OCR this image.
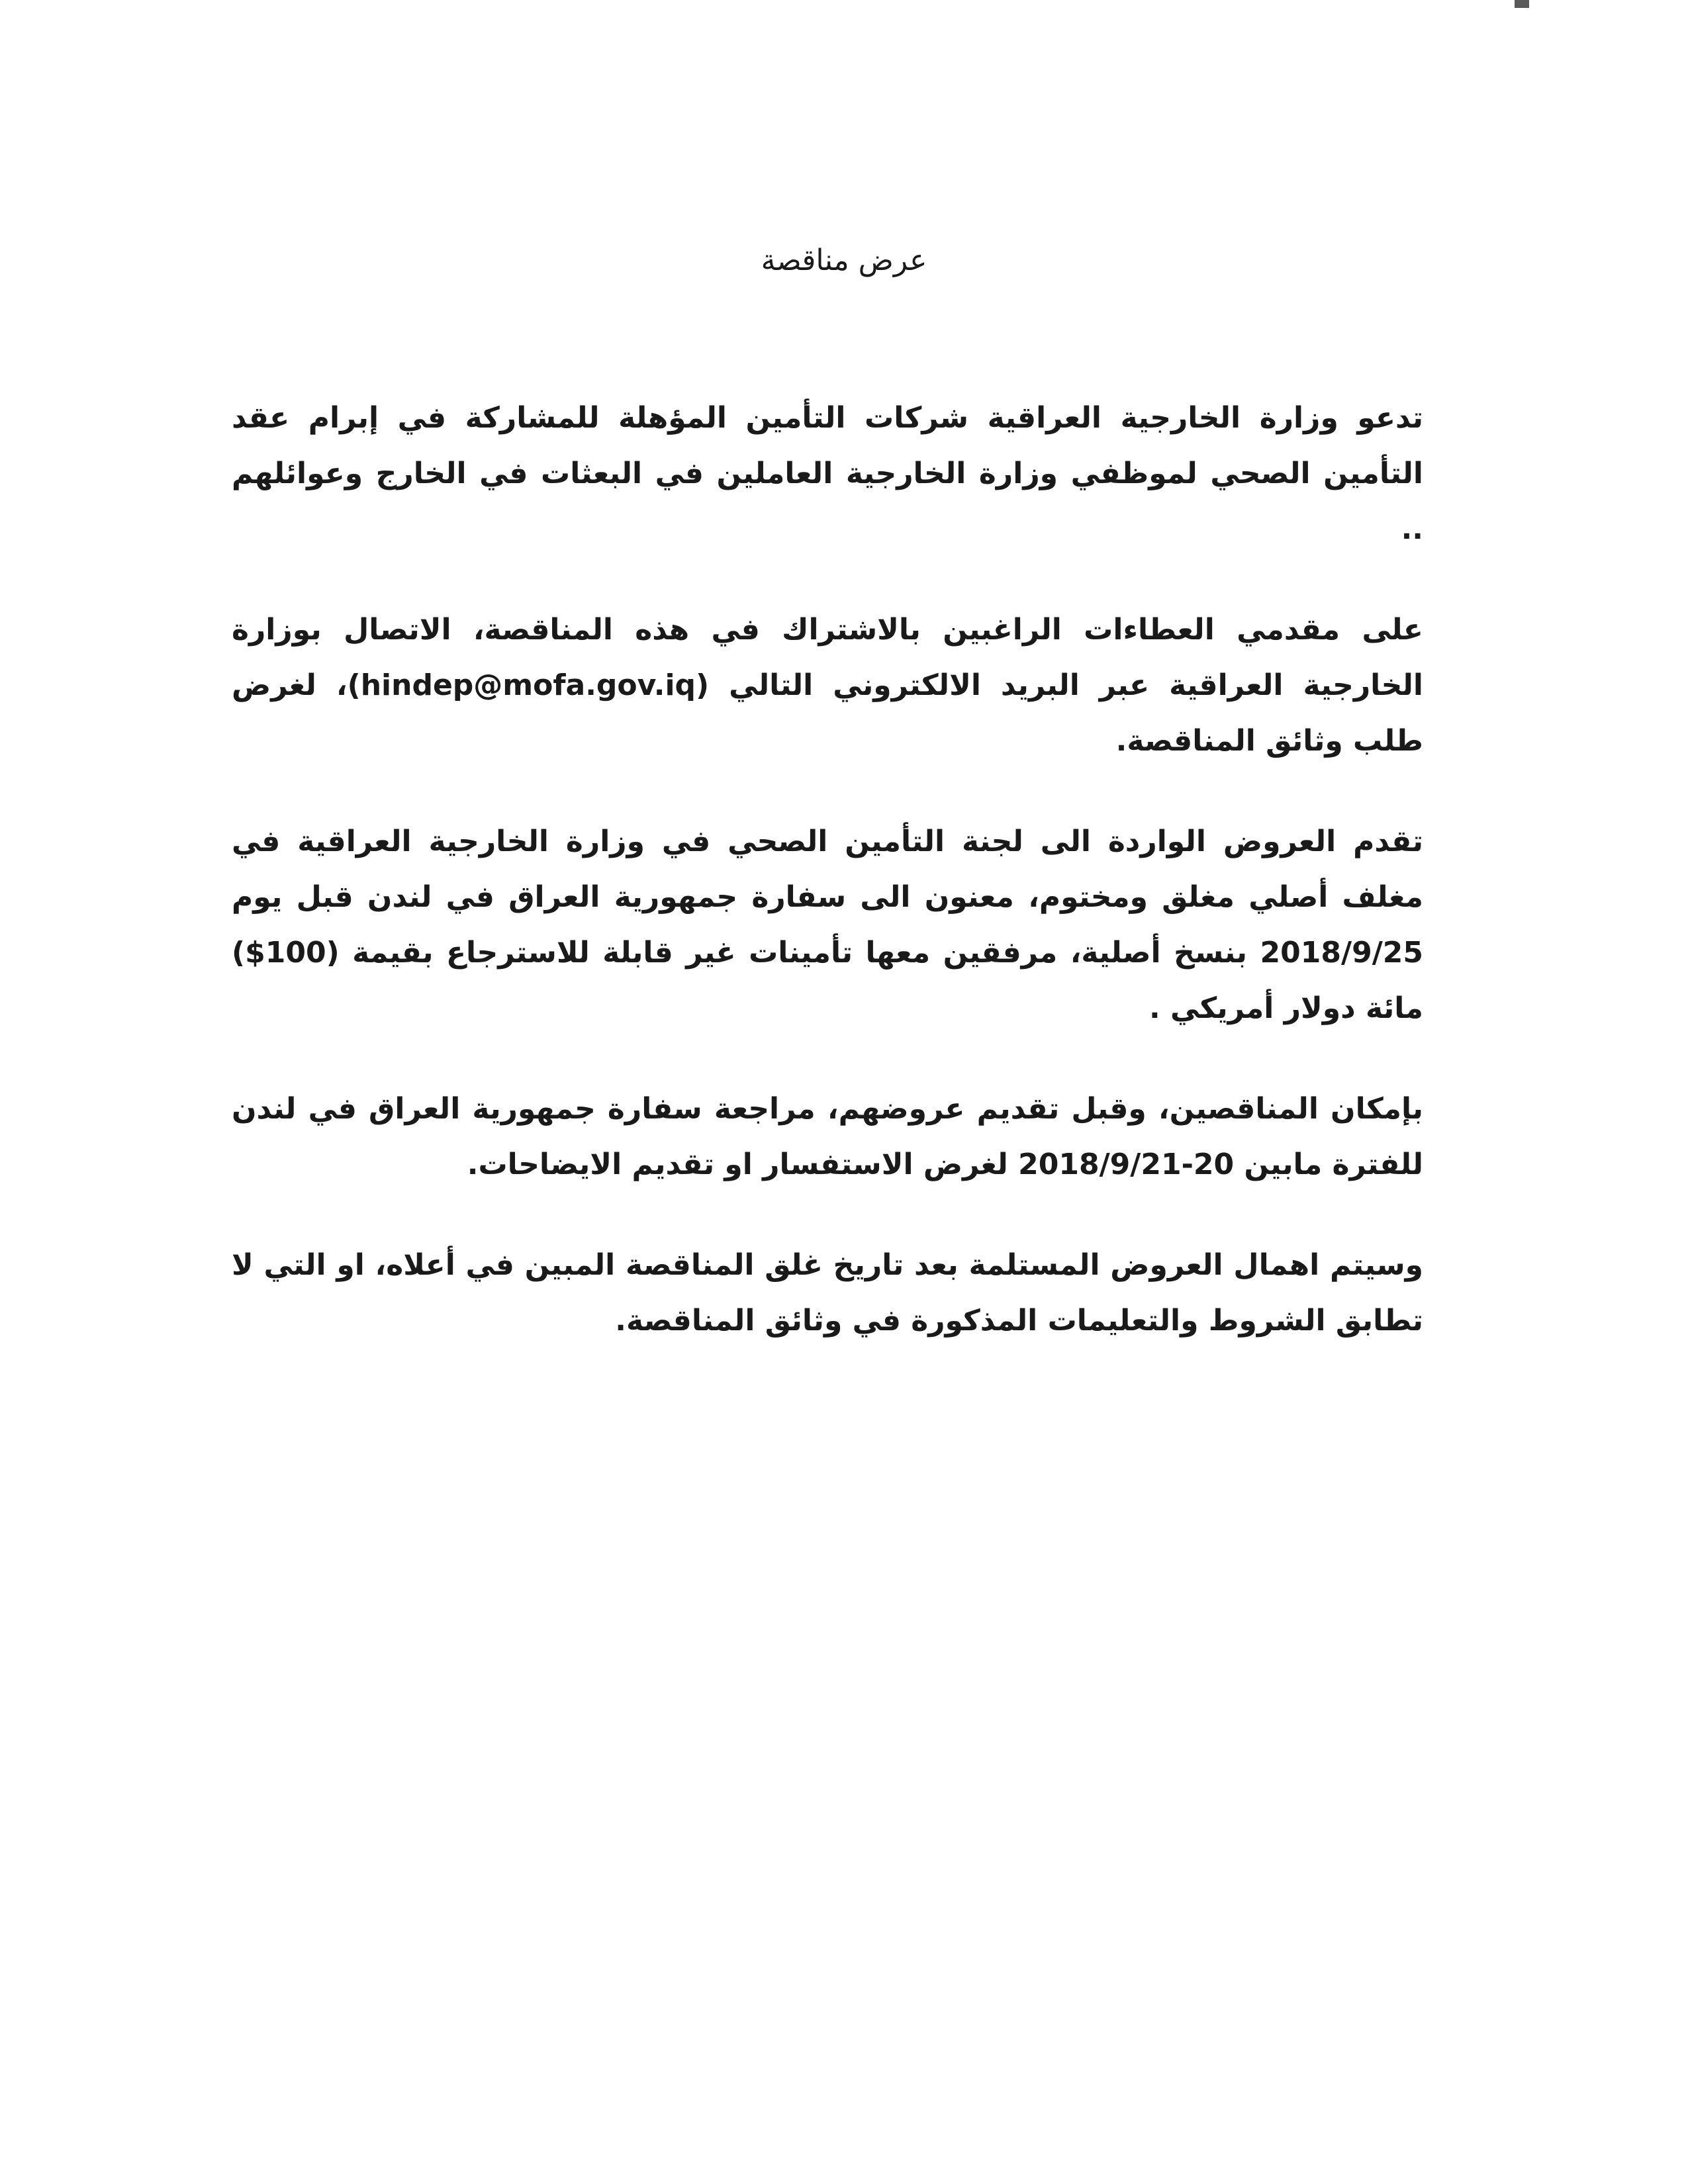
عرض مناقصة

تدعو وزارة الخارجية العراقية شركات التأمين المؤهلة للمشاركة في إبرام عقد التأمين الصحي لموظفي وزارة الخارجية العاملين في البعثات في الخارج وعوائلهم ..

على مقدمي العطاءات الراغبين بالاشتراك في هذه المناقصة، الاتصال بوزارة الخارجية العراقية عبر البريد الالكتروني التالي (hindep@mofa.gov.iq)، لغرض طلب وثائق المناقصة.

تقدم العروض الواردة الى لجنة التأمين الصحي في وزارة الخارجية العراقية في مغلف أصلي مغلق ومختوم، معنون الى سفارة جمهورية العراق في لندن قبل يوم 2018/9/25 بنسخ أصلية، مرفقين معها تأمينات غير قابلة للاسترجاع بقيمة (100$) مائة دولار أمريكي .

بإمكان المناقصين، وقبل تقديم عروضهم، مراجعة سفارة جمهورية العراق في لندن للفترة مابين 20-2018/9/21 لغرض الاستفسار او تقديم الايضاحات.

وسيتم اهمال العروض المستلمة بعد تاريخ غلق المناقصة المبين في أعلاه، او التي لا تطابق الشروط والتعليمات المذكورة في وثائق المناقصة.
